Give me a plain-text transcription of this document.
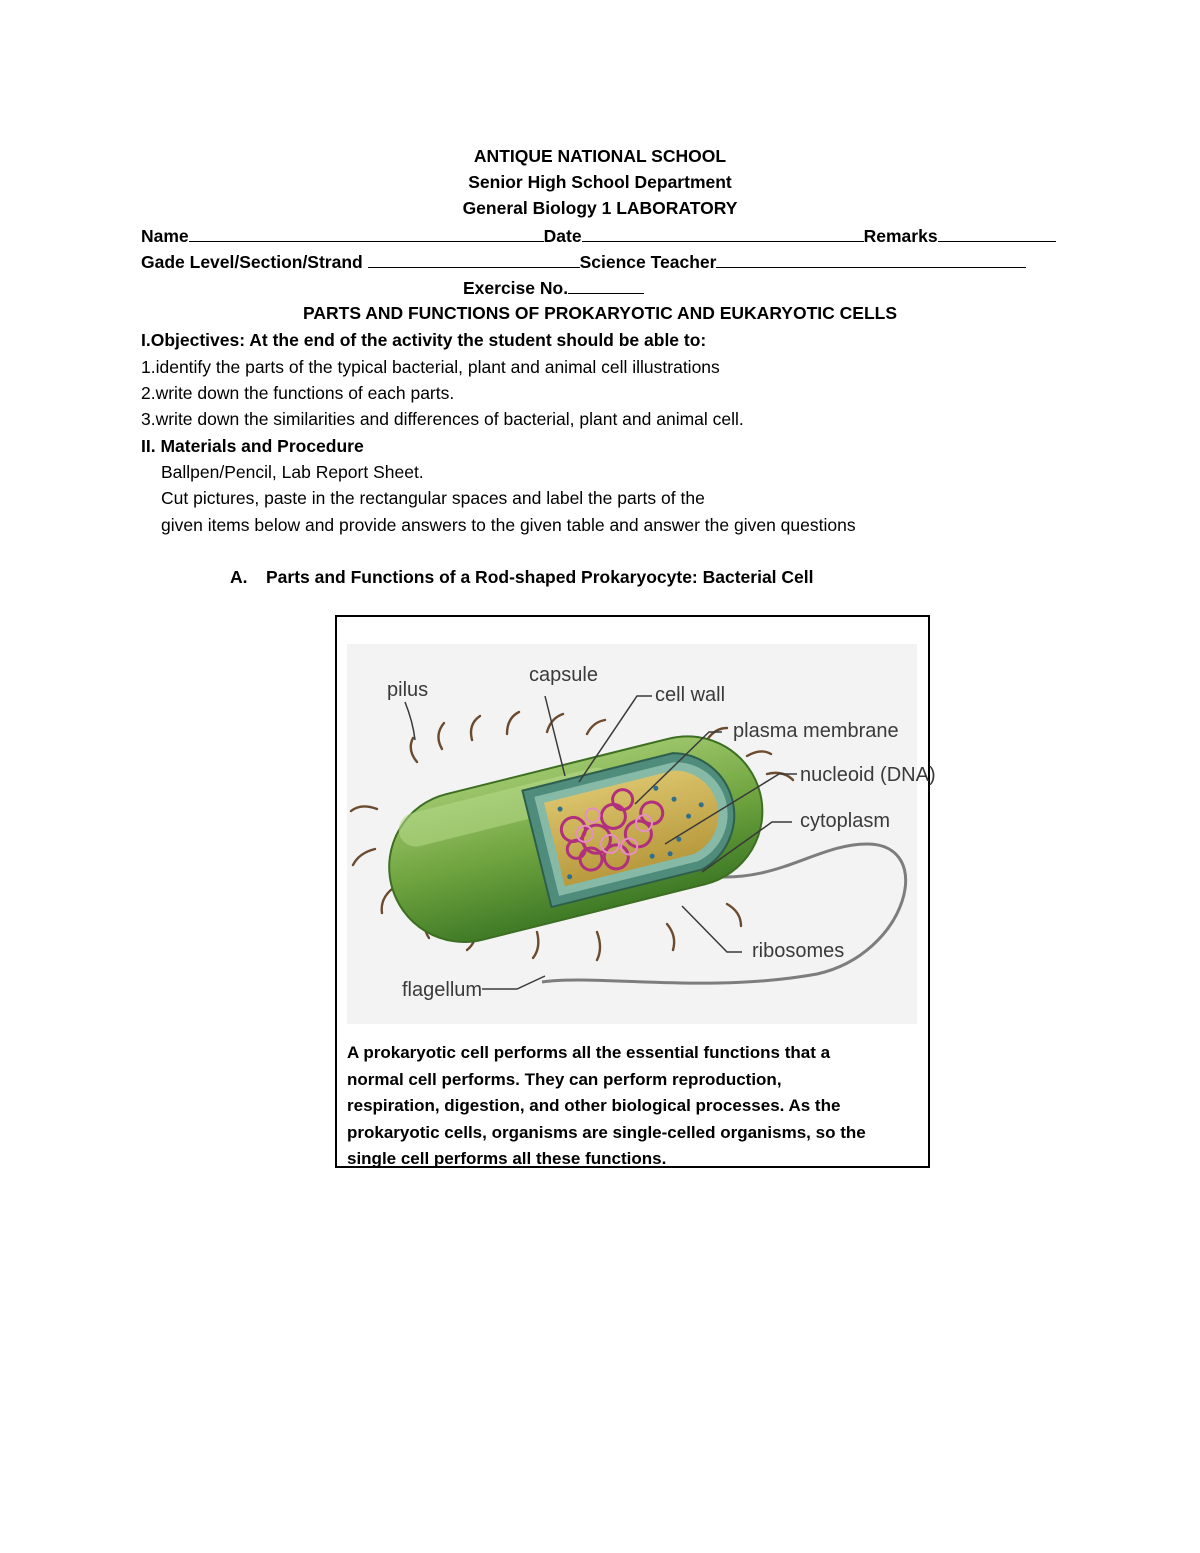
ANTIQUE NATIONAL SCHOOL
Senior High School Department
General Biology 1 LABORATORY
Name	Date	Remarks
Gade Level/Section/Strand	Science Teacher
Exercise No.
PARTS AND FUNCTIONS OF PROKARYOTIC AND EUKARYOTIC CELLS
I.Objectives: At the end of the activity the student should be able to:
1.identify the parts of the typical bacterial, plant and animal cell illustrations
2.write down the functions of each parts.
3.write down the similarities and differences of bacterial, plant and animal cell.
II. Materials and Procedure
Ballpen/Pencil, Lab Report Sheet.
Cut pictures, paste in the rectangular spaces and label the parts of the
given items below and provide answers to the given table and answer the given questions
A. Parts and Functions of a Rod-shaped Prokaryocyte: Bacterial Cell
pilus
capsule
cell wall
plasma membrane
nucleoid (DNA)
cytoplasm
ribosomes
flagellum
A prokaryotic cell performs all the essential functions that a
normal cell performs. They can perform reproduction,
respiration, digestion, and other biological processes. As the
prokaryotic cells, organisms are single-celled organisms, so the
single cell performs all these functions.
